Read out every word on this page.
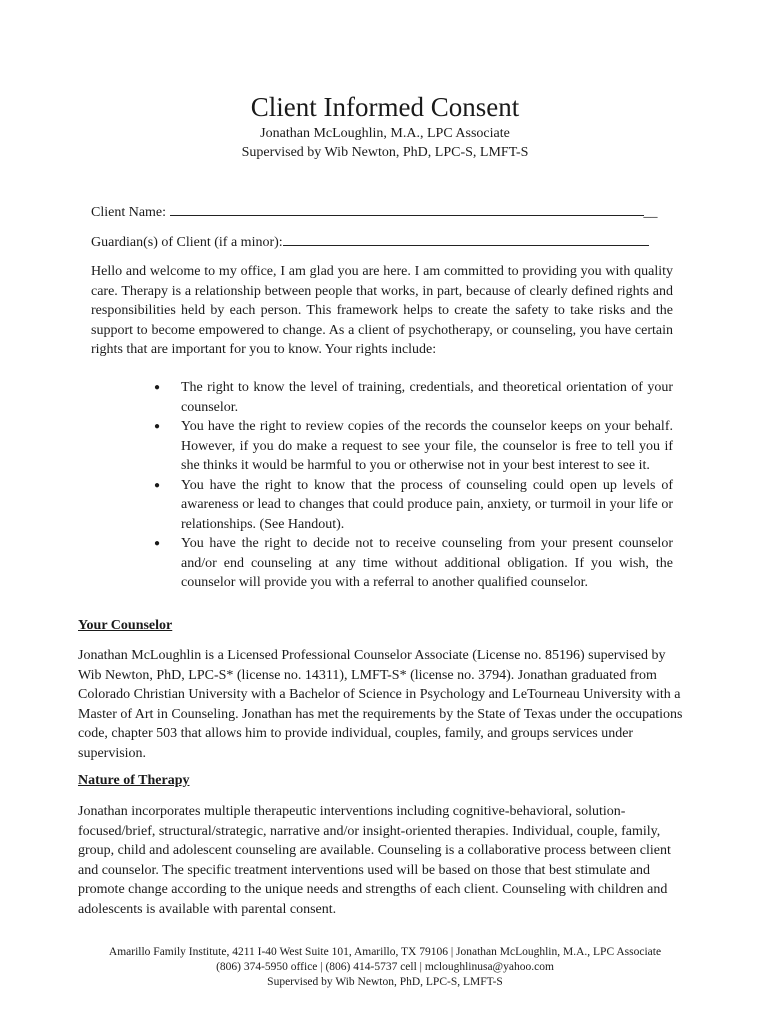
Client Informed Consent
Jonathan McLoughlin, M.A., LPC Associate
Supervised by Wib Newton, PhD, LPC-S, LMFT-S
Client Name:	__
Guardian(s) of Client (if a minor):

Hello and welcome to my office, I am glad you are here. I am committed to providing you with quality care. Therapy is a relationship between people that works, in part, because of clearly defined rights and responsibilities held by each person. This framework helps to create the safety to take risks and the support to become empowered to change. As a client of psychotherapy, or counseling, you have certain rights that are important for you to know. Your rights include:

● The right to know the level of training, credentials, and theoretical orientation of your counselor.
● You have the right to review copies of the records the counselor keeps on your behalf. However, if you do make a request to see your file, the counselor is free to tell you if she thinks it would be harmful to you or otherwise not in your best interest to see it.
● You have the right to know that the process of counseling could open up levels of awareness or lead to changes that could produce pain, anxiety, or turmoil in your life or relationships. (See Handout).
● You have the right to decide not to receive counseling from your present counselor and/or end counseling at any time without additional obligation. If you wish, the counselor will provide you with a referral to another qualified counselor.
Your Counselor

Jonathan McLoughlin is a Licensed Professional Counselor Associate (License no. 85196) supervised by Wib Newton, PhD, LPC-S* (license no. 14311), LMFT-S* (license no. 3794). Jonathan graduated from Colorado Christian University with a Bachelor of Science in Psychology and LeTourneau University with a Master of Art in Counseling. Jonathan has met the requirements by the State of Texas under the occupations code, chapter 503 that allows him to provide individual, couples, family, and groups services under supervision.

Nature of Therapy

Jonathan incorporates multiple therapeutic interventions including cognitive-behavioral, solution-focused/brief, structural/strategic, narrative and/or insight-oriented therapies. Individual, couple, family, group, child and adolescent counseling are available. Counseling is a collaborative process between client and counselor. The specific treatment interventions used will be based on those that best stimulate and promote change according to the unique needs and strengths of each client. Counseling with children and adolescents is available with parental consent.

Amarillo Family Institute, 4211 I-40 West Suite 101, Amarillo, TX 79106 | Jonathan McLoughlin, M.A., LPC Associate
(806) 374-5950 office | (806) 414-5737 cell | mcloughlinusa@yahoo.com
Supervised by Wib Newton, PhD, LPC-S, LMFT-S
